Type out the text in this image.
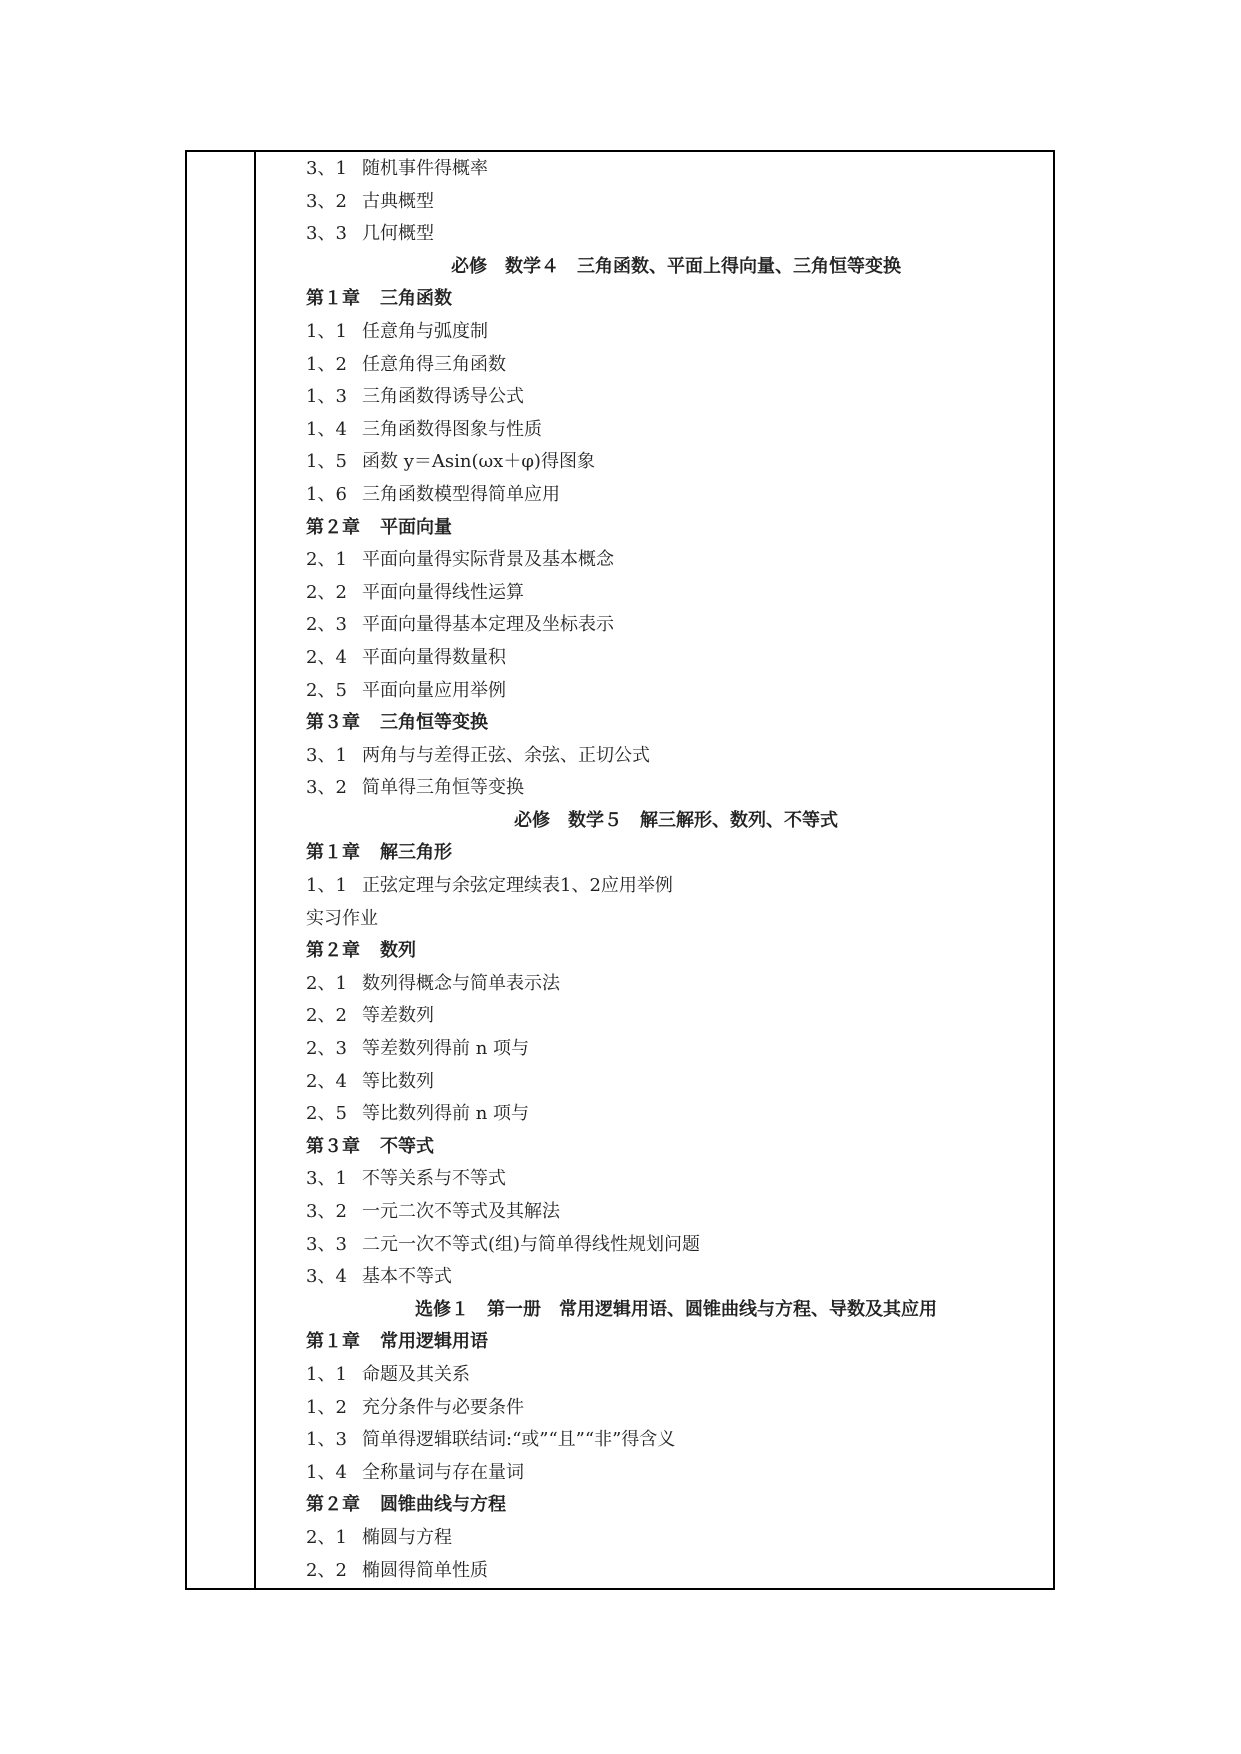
3、1 随机事件得概率
3、2 古典概型
3、3 几何概型
必修　数学４　三角函数、平面上得向量、三角恒等变换
第１章 三角函数
1、1 任意角与弧度制
1、2 任意角得三角函数
1、3 三角函数得诱导公式
1、4 三角函数得图象与性质
1、5 函数 y＝Asin(ωx＋φ)得图象
1、6 三角函数模型得简单应用
第２章 平面向量
2、1 平面向量得实际背景及基本概念
2、2 平面向量得线性运算
2、3 平面向量得基本定理及坐标表示
2、4 平面向量得数量积
2、5 平面向量应用举例
第３章 三角恒等变换
3、1 两角与与差得正弦、余弦、正切公式
3、2 简单得三角恒等变换
必修　数学５　解三解形、数列、不等式
第１章 解三角形
1、1 正弦定理与余弦定理续表1、2应用举例
实习作业
第２章 数列
2、1 数列得概念与简单表示法
2、2 等差数列
2、3 等差数列得前 n 项与
2、4 等比数列
2、5 等比数列得前 n 项与
第３章 不等式
3、1 不等关系与不等式
3、2 一元二次不等式及其解法
3、3 二元一次不等式(组)与简单得线性规划问题
3、4 基本不等式
选修１　第一册　常用逻辑用语、圆锥曲线与方程、导数及其应用
第１章 常用逻辑用语
1、1 命题及其关系
1、2 充分条件与必要条件
1、3 简单得逻辑联结词:“或”“且”“非”得含义
1、4 全称量词与存在量词
第２章 圆锥曲线与方程
2、1 椭圆与方程
2、2 椭圆得简单性质
